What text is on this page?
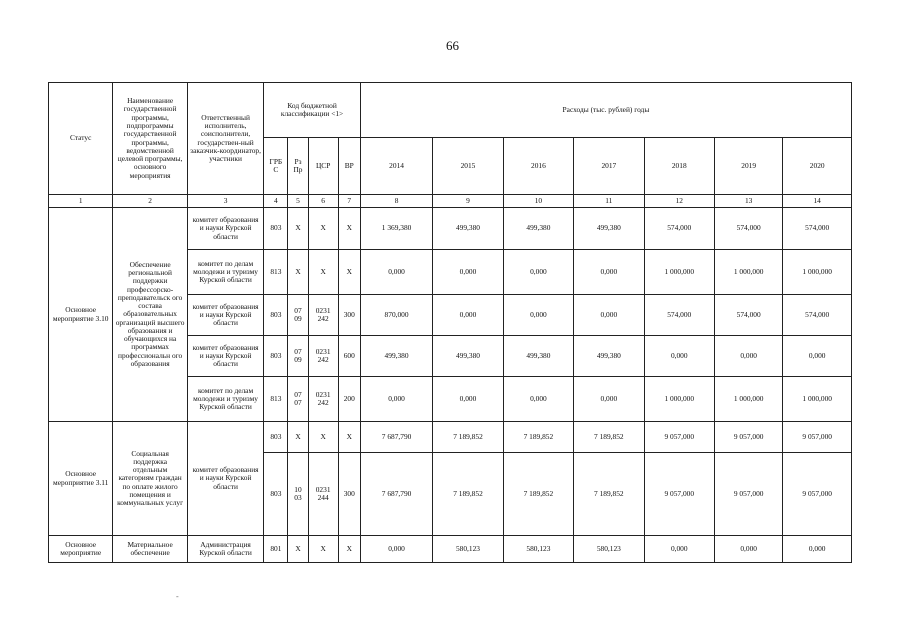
66
Статус	Наименование государственной программы, подпрограммы государственной программы, ведомственной целевой программы, основного мероприятия	Ответственный исполнитель, соисполнители, государствен-ный заказчик-координатор, участники	Код бюджетной классификации <1>				Расходы (тыс. рублей) годы						
			ГРБ С	Рз Пр	ЦСР	ВР	2014	2015	2016	2017	2018	2019	2020
1	2	3	4	5	6	7	8	9	10	11	12	13	14
Основное мероприятие 3.10	Обеспечение региональной поддержки профессорско-преподавательск ого состава образовательных организаций высшего образования и обучающихся на программах профессиональн ого образования	комитет образования и науки Курской области	803	Х	Х	Х	1 369,380	499,380	499,380	499,380	574,000	574,000	574,000
		комитет по делам молодежи и туризму Курской области	813	Х	Х	Х	0,000	0,000	0,000	0,000	1 000,000	1 000,000	1 000,000
		комитет образования и науки Курской области	803	07 09	0231 242	300	870,000	0,000	0,000	0,000	574,000	574,000	574,000
		комитет образования и науки Курской области	803	07 09	0231 242	600	499,380	499,380	499,380	499,380	0,000	0,000	0,000
		комитет по делам молодежи и туризму Курской области	813	07 07	0231 242	200	0,000	0,000	0,000	0,000	1 000,000	1 000,000	1 000,000
Основное мероприятие 3.11	Социальная поддержка отдельным категориям граждан по оплате жилого помещения и коммунальных услуг	комитет образования и науки Курской области	803	Х	Х	Х	7 687,790	7 189,852	7 189,852	7 189,852	9 057,000	9 057,000	9 057,000
			803	10 03	0231 244	300	7 687,790	7 189,852	7 189,852	7 189,852	9 057,000	9 057,000	9 057,000
Основное мероприятие	Материальное обеспечение	Администрация Курской области	801	Х	Х	Х	0,000	580,123	580,123	580,123	0,000	0,000	0,000
-
